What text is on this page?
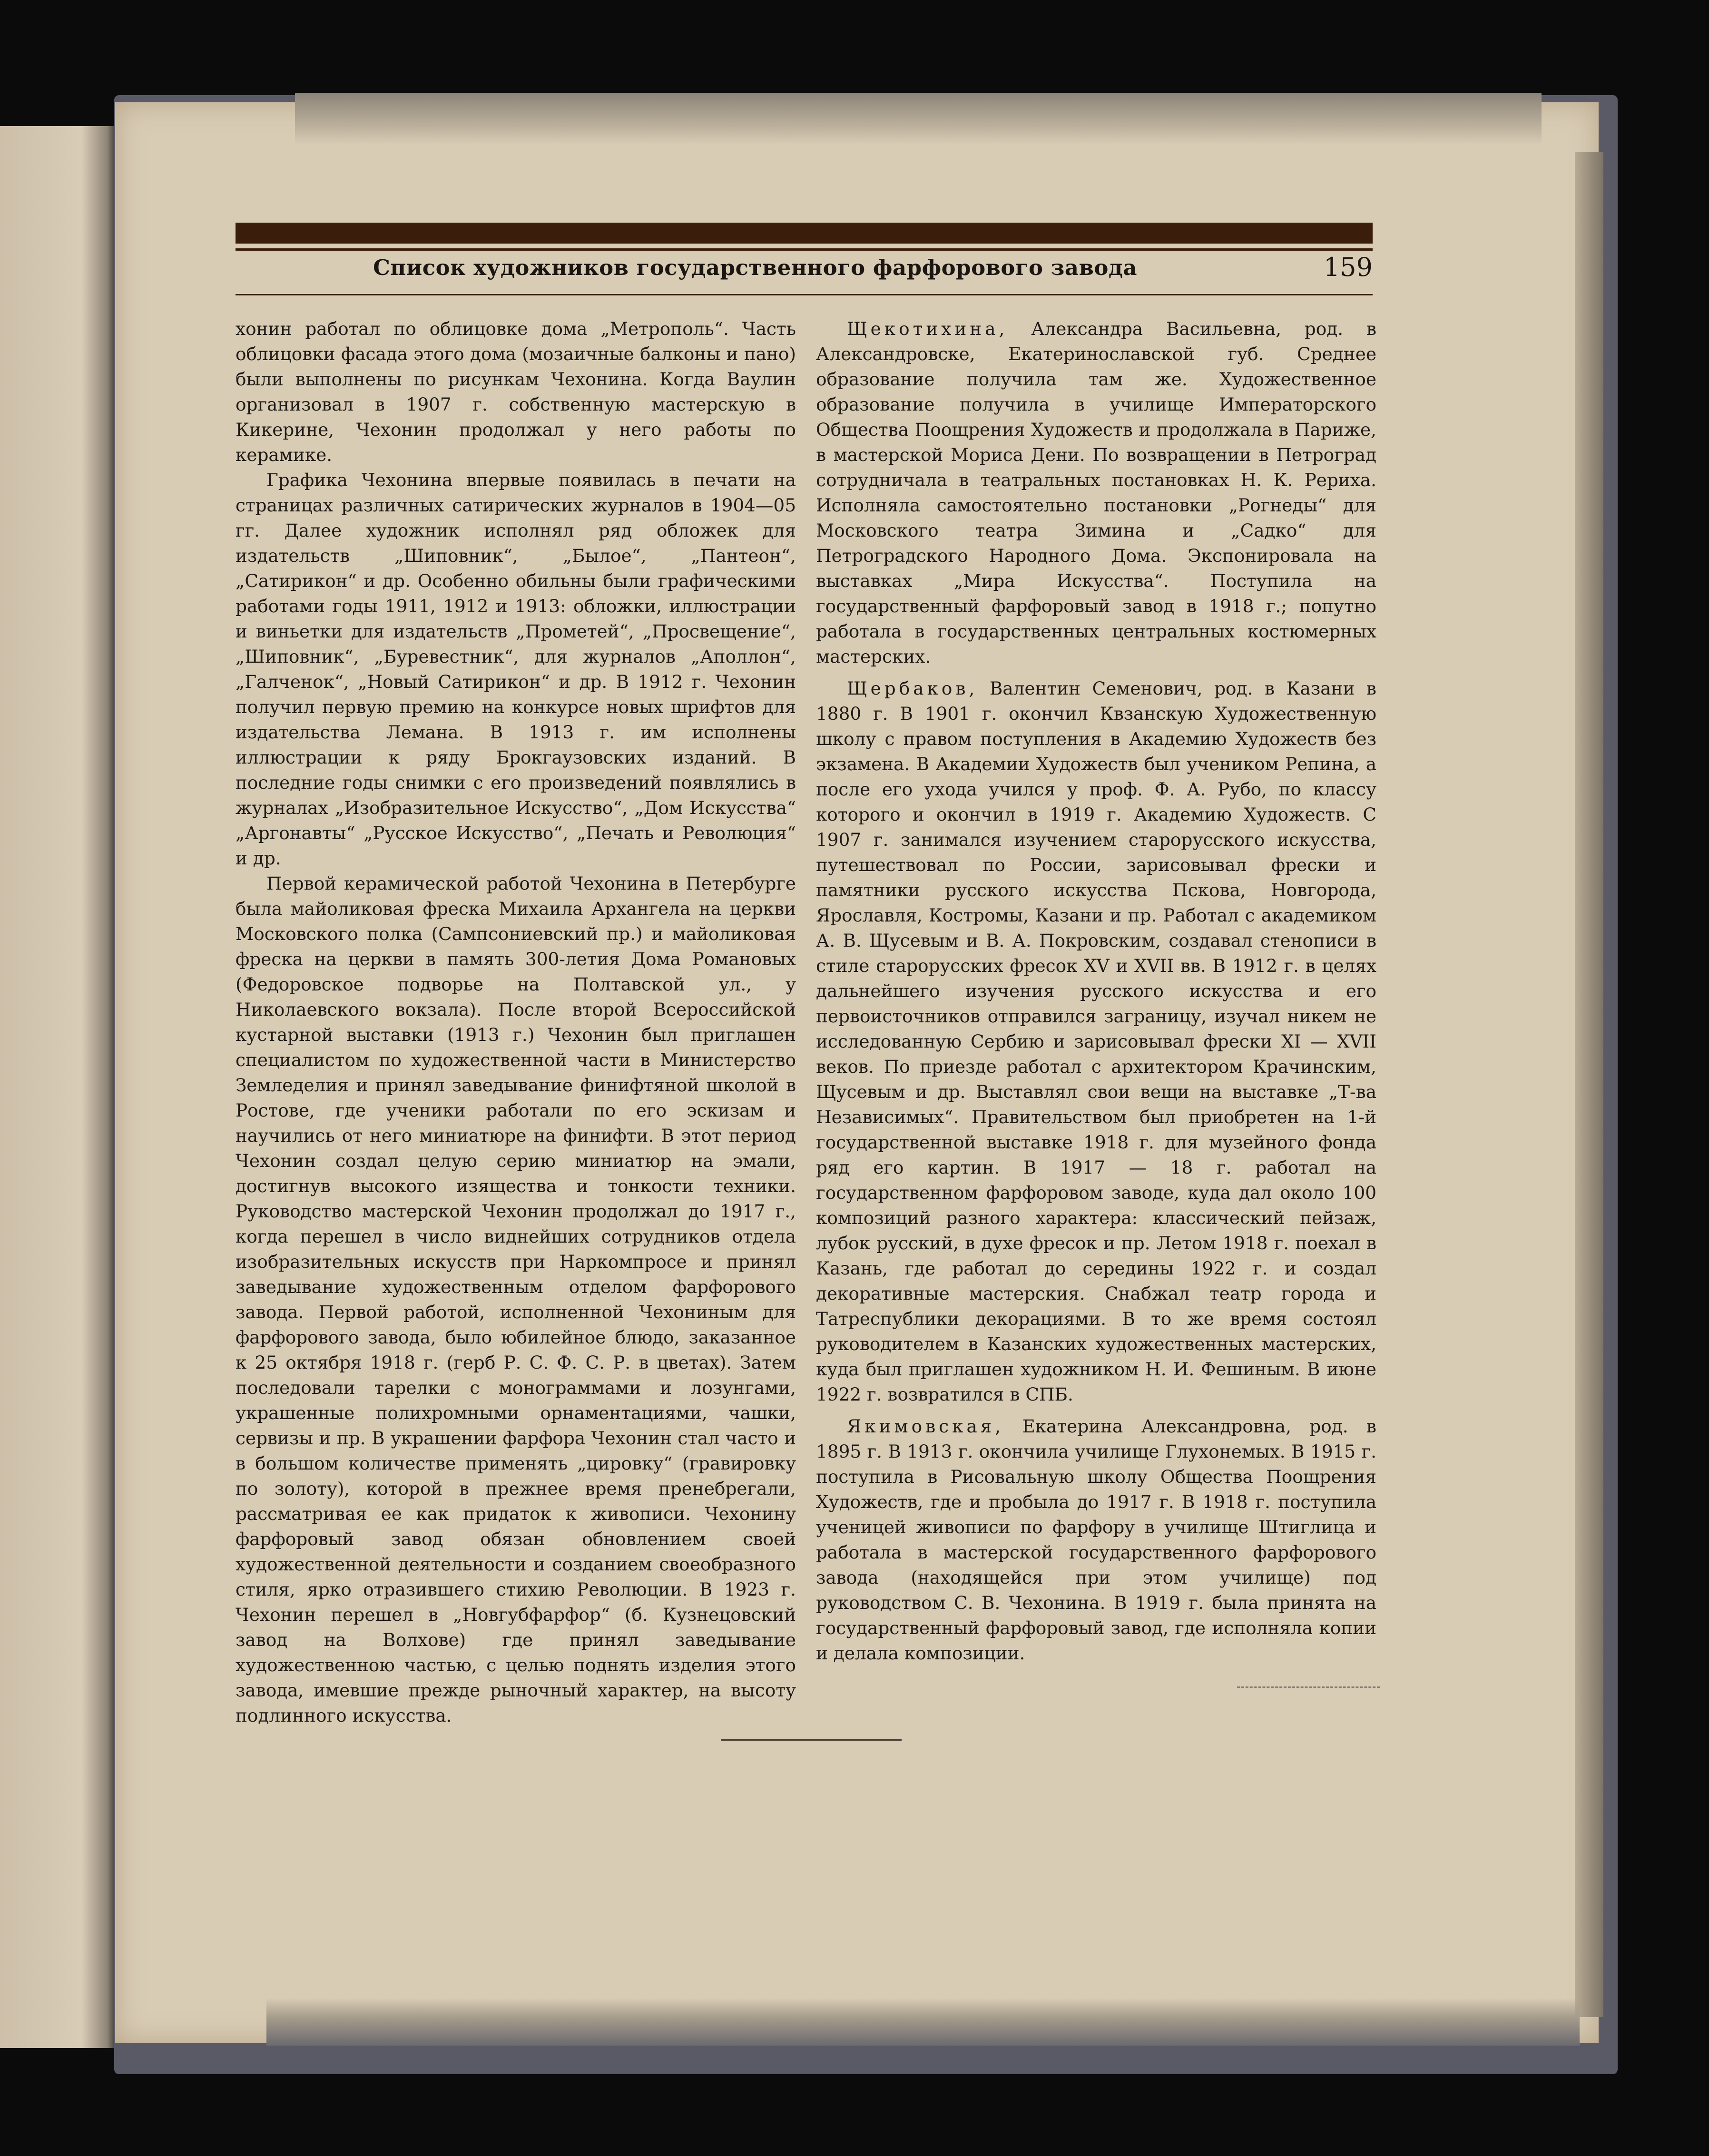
Список художников государственного фарфорового завода	159

хонин работал по облицовке дома „Метрополь“. Часть облицовки фасада этого дома (мозаичные балконы и пано) были выполнены по рисункам Чехонина. Когда Ваулин организовал в 1907 г. собственную мастерскую в Кикерине, Чехонин продолжал у него работы по керамике.

Графика Чехонина впервые появилась в печати на страницах различных сатирических журналов в 1904—05 гг. Далее художник исполнял ряд обложек для издательств „Шиповник“, „Былое“, „Пантеон“, „Сатирикон“ и др. Особенно обильны были графическими работами годы 1911, 1912 и 1913: обложки, иллюстрации и виньетки для издательств „Прометей“, „Просвещение“, „Шиповник“, „Буревестник“, для журналов „Аполлон“, „Галченок“, „Новый Сатирикон“ и др. В 1912 г. Чехонин получил первую премию на конкурсе новых шрифтов для издательства Лемана. В 1913 г. им исполнены иллюстрации к ряду Брокгаузовских изданий. В последние годы снимки с его произведений появлялись в журналах „Изобразительное Искусство“, „Дом Искусства“ „Аргонавты“ „Русское Искусство“, „Печать и Революция“ и др.

Первой керамической работой Чехонина в Петербурге была майоликовая фреска Михаила Архангела на церкви Московского полка (Сампсониевский пр.) и майоликовая фреска на церкви в память 300-летия Дома Романовых (Федоровское подворье на Полтавской ул., у Николаевского вокзала). После второй Всероссийской кустарной выставки (1913 г.) Чехонин был приглашен специалистом по художественной части в Министерство Земледелия и принял заведывание финифтяной школой в Ростове, где ученики работали по его эскизам и научились от него миниатюре на финифти. В этот период Чехонин создал целую серию миниатюр на эмали, достигнув высокого изящества и тонкости техники. Руководство мастерской Чехонин продолжал до 1917 г., когда перешел в число виднейших сотрудников отдела изобразительных искусств при Наркомпросе и принял заведывание художественным отделом фарфорового завода. Первой работой, исполненной Чехониным для фарфорового завода, было юбилейное блюдо, заказанное к 25 октября 1918 г. (герб Р. С. Ф. С. Р. в цветах). Затем последовали тарелки с монограммами и лозунгами, украшенные полихромными орнаментациями, чашки, сервизы и пр. В украшении фарфора Чехонин стал часто и в большом количестве применять „цировку“ (гравировку по золоту), которой в прежнее время пренебрегали, рассматривая ее как придаток к живописи. Чехонину фарфоровый завод обязан обновлением своей художественной деятельности и созданием своеобразного стиля, ярко отразившего стихию Революции. В 1923 г. Чехонин перешел в „Новгубфарфор“ (б. Кузнецовский завод на Волхове) где принял заведывание художественною частью, с целью поднять изделия этого завода, имевшие прежде рыночный характер, на высоту подлинного искусства.

Щекотихина, Александра Васильевна, род. в Александровске, Екатеринославской губ. Среднее образование получила там же. Художественное образование получила в училище Императорского Общества Поощрения Художеств и продолжала в Париже, в мастерской Мориса Дени. По возвращении в Петроград сотрудничала в театральных постановках Н. К. Рериха. Исполняла самостоятельно постановки „Рогнеды“ для Московского театра Зимина и „Садко“ для Петроградского Народного Дома. Экспонировала на выставках „Мира Искусства“. Поступила на государственный фарфоровый завод в 1918 г.; попутно работала в государственных центральных костюмерных мастерских.

Щербаков, Валентин Семенович, род. в Казани в 1880 г. В 1901 г. окончил Квзанскую Художественную школу с правом поступления в Академию Художеств без экзамена. В Академии Художеств был учеником Репина, а после его ухода учился у проф. Ф. А. Рубо, по классу которого и окончил в 1919 г. Академию Художеств. С 1907 г. занимался изучением старорусского искусства, путешествовал по России, зарисовывал фрески и памятники русского искусства Пскова, Новгорода, Ярославля, Костромы, Казани и пр. Работал с академиком А. В. Щусевым и В. А. Покровским, создавал стенописи в стиле старорусских фресок XV и XVII вв. В 1912 г. в целях дальнейшего изучения русского искусства и его первоисточников отправился заграницу, изучал никем не исследованную Сербию и зарисовывал фрески XI — XVII веков. По приезде работал с архитектором Крачинским, Щусевым и др. Выставлял свои вещи на выставке „Т-ва Независимых“. Правительством был приобретен на 1-й государственной выставке 1918 г. для музейного фонда ряд его картин. В 1917 — 18 г. работал на государственном фарфоровом заводе, куда дал около 100 композиций разного характера: классический пейзаж, лубок русский, в духе фресок и пр. Летом 1918 г. поехал в Казань, где работал до середины 1922 г. и создал декоративные мастерския. Снабжал театр города и Татреспублики декорациями. В то же время состоял руководителем в Казанских художественных мастерских, куда был приглашен художником Н. И. Фешиным. В июне 1922 г. возвратился в СПБ.

Якимовская, Екатерина Александровна, род. в 1895 г. В 1913 г. окончила училище Глухонемых. В 1915 г. поступила в Рисовальную школу Общества Поощрения Художеств, где и пробыла до 1917 г. В 1918 г. поступила ученицей живописи по фарфору в училище Штиглица и работала в мастерской государственного фарфорового завода (находящейся при этом училище) под руководством С. В. Чехонина. В 1919 г. была принята на государственный фарфоровый завод, где исполняла копии и делала композиции.
